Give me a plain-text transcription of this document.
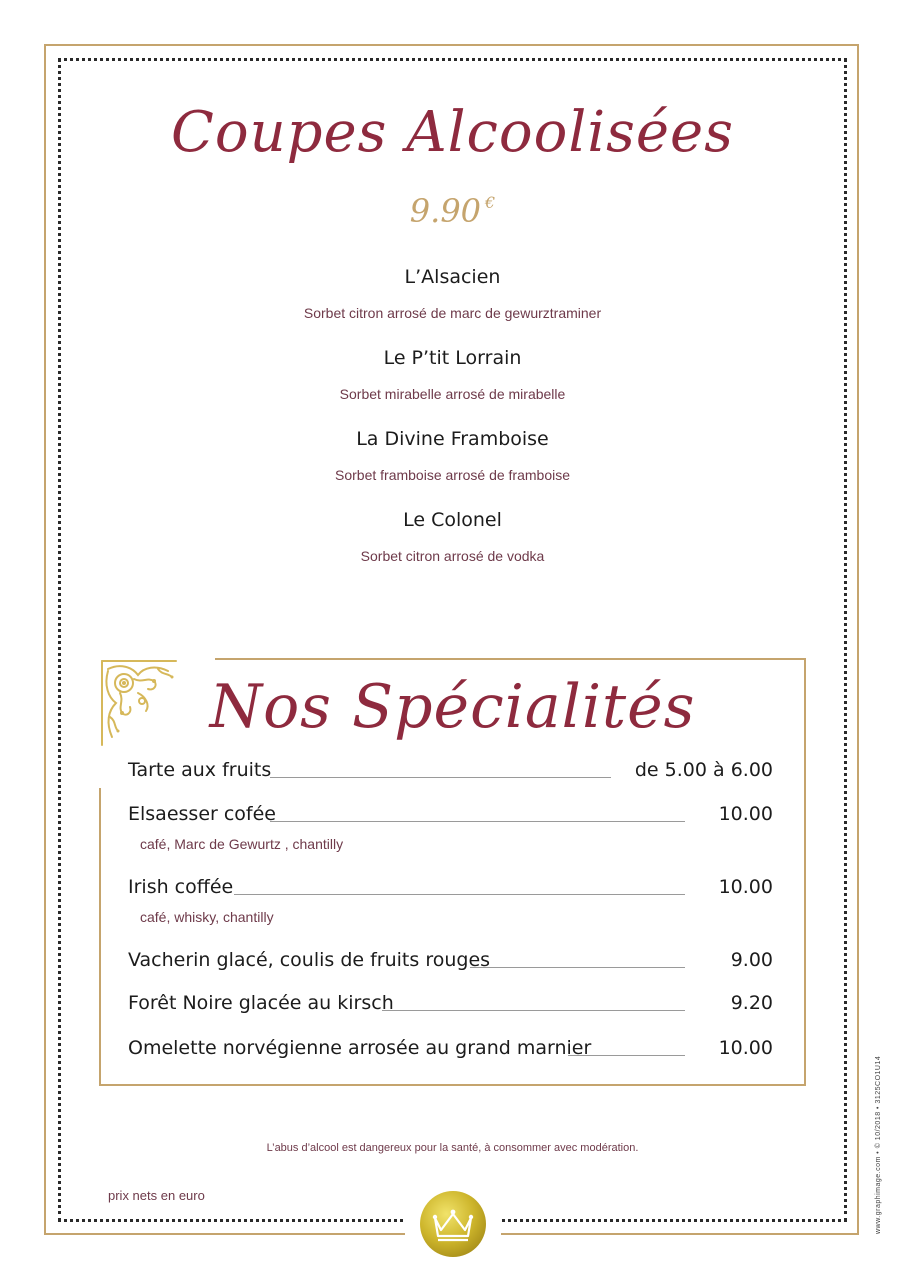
Coupes Alcoolisées
9.90 €
L’Alsacien
Sorbet citron arrosé de marc de gewurztraminer
Le P’tit Lorrain
Sorbet mirabelle arrosé de mirabelle
La Divine Framboise
Sorbet framboise arrosé de framboise
Le Colonel
Sorbet citron arrosé de vodka
Nos Spécialités
Tarte aux fruits	de 5.00 à 6.00
Elsaesser cofée	10.00
café, Marc de Gewurtz , chantilly
Irish coffée	10.00
café, whisky, chantilly
Vacherin glacé, coulis de fruits rouges	9.00
Forêt Noire glacée au kirsch	9.20
Omelette norvégienne arrosée au grand marnier	10.00
L’abus d’alcool est dangereux pour la santé, à consommer avec modération.
prix nets en euro	www.graphimage.com • © 10/2018 • 3125CO1U14
